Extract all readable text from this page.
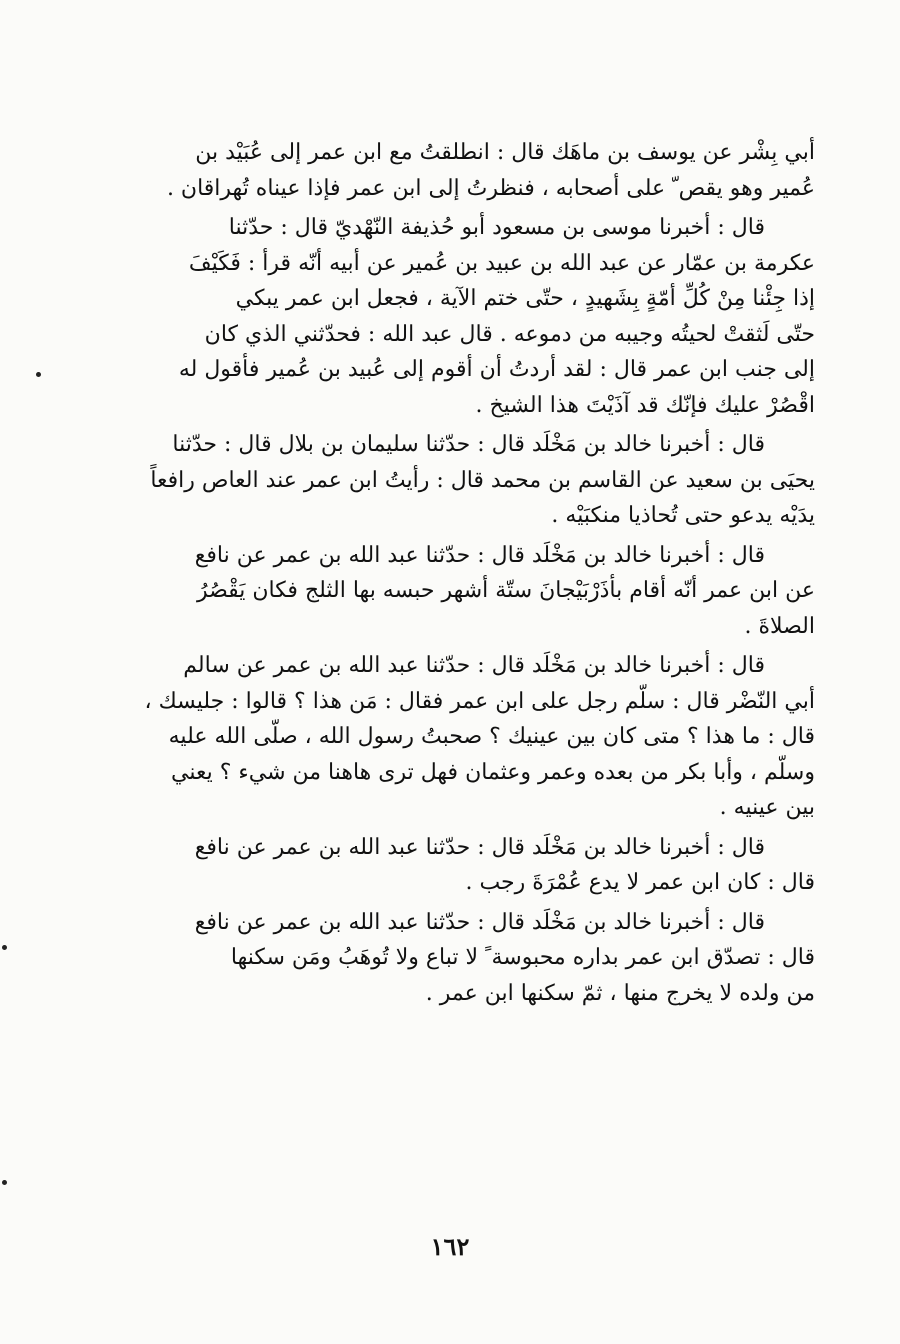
أبي بِشْر عن يوسف بن ماهَك قال : انطلقتُ مع ابن عمر إلى عُبَيْد بن
عُمير وهو يقص ّ على أصحابه ، فنظرتُ إلى ابن عمر فإذا عيناه تُهراقان .

قال : أخبرنا موسى بن مسعود أبو حُذيفة النّهْديّ قال : حدّثنا
عكرمة بن عمّار عن عبد الله بن عبيد بن عُمير عن أبيه أنّه قرأ : فَكَيْفَ
إذا جِئْنا مِنْ كُلِّ أمّةٍ بِشَهيدٍ ، حتّى ختم الآية ، فجعل ابن عمر يبكي
حتّى لَثقتْ لحيتُه وجيبه من دموعه . قال عبد الله : فحدّثني الذي كان
إلى جنب ابن عمر قال : لقد أردتُ أن أقوم إلى عُبيد بن عُمير فأقول له
اقْصُرْ عليك فإنّك قد آذَيْتَ هذا الشيخ .

قال : أخبرنا خالد بن مَخْلَد قال : حدّثنا سليمان بن بلال قال : حدّثنا
يحيَى بن سعيد عن القاسم بن محمد قال : رأيتُ ابن عمر عند العاص رافعاً
يدَيْه يدعو حتى تُحاذيا منكبَيْه .

قال : أخبرنا خالد بن مَخْلَد قال : حدّثنا عبد الله بن عمر عن نافع
عن ابن عمر أنّه أقام بأذَرْبَيْجانَ ستّة أشهر حبسه بها الثلج فكان يَقْصُرُ
الصلاةَ .

قال : أخبرنا خالد بن مَخْلَد قال : حدّثنا عبد الله بن عمر عن سالم
أبي النّضْر قال : سلّم رجل على ابن عمر فقال : مَن هذا ؟ قالوا : جليسك ،
قال : ما هذا ؟ متى كان بين عينيك ؟ صحبتُ رسول الله ، صلّى الله عليه
وسلّم ، وأبا بكر من بعده وعمر وعثمان فهل ترى هاهنا من شيء ؟ يعني
بين عينيه .

قال : أخبرنا خالد بن مَخْلَد قال : حدّثنا عبد الله بن عمر عن نافع
قال : كان ابن عمر لا يدع عُمْرَةَ رجب .

قال : أخبرنا خالد بن مَخْلَد قال : حدّثنا عبد الله بن عمر عن نافع
قال : تصدّق ابن عمر بداره محبوسة ً لا تباع ولا تُوهَبُ ومَن سكنها
من ولده لا يخرج منها ، ثمّ سكنها ابن عمر .

١٦٢
